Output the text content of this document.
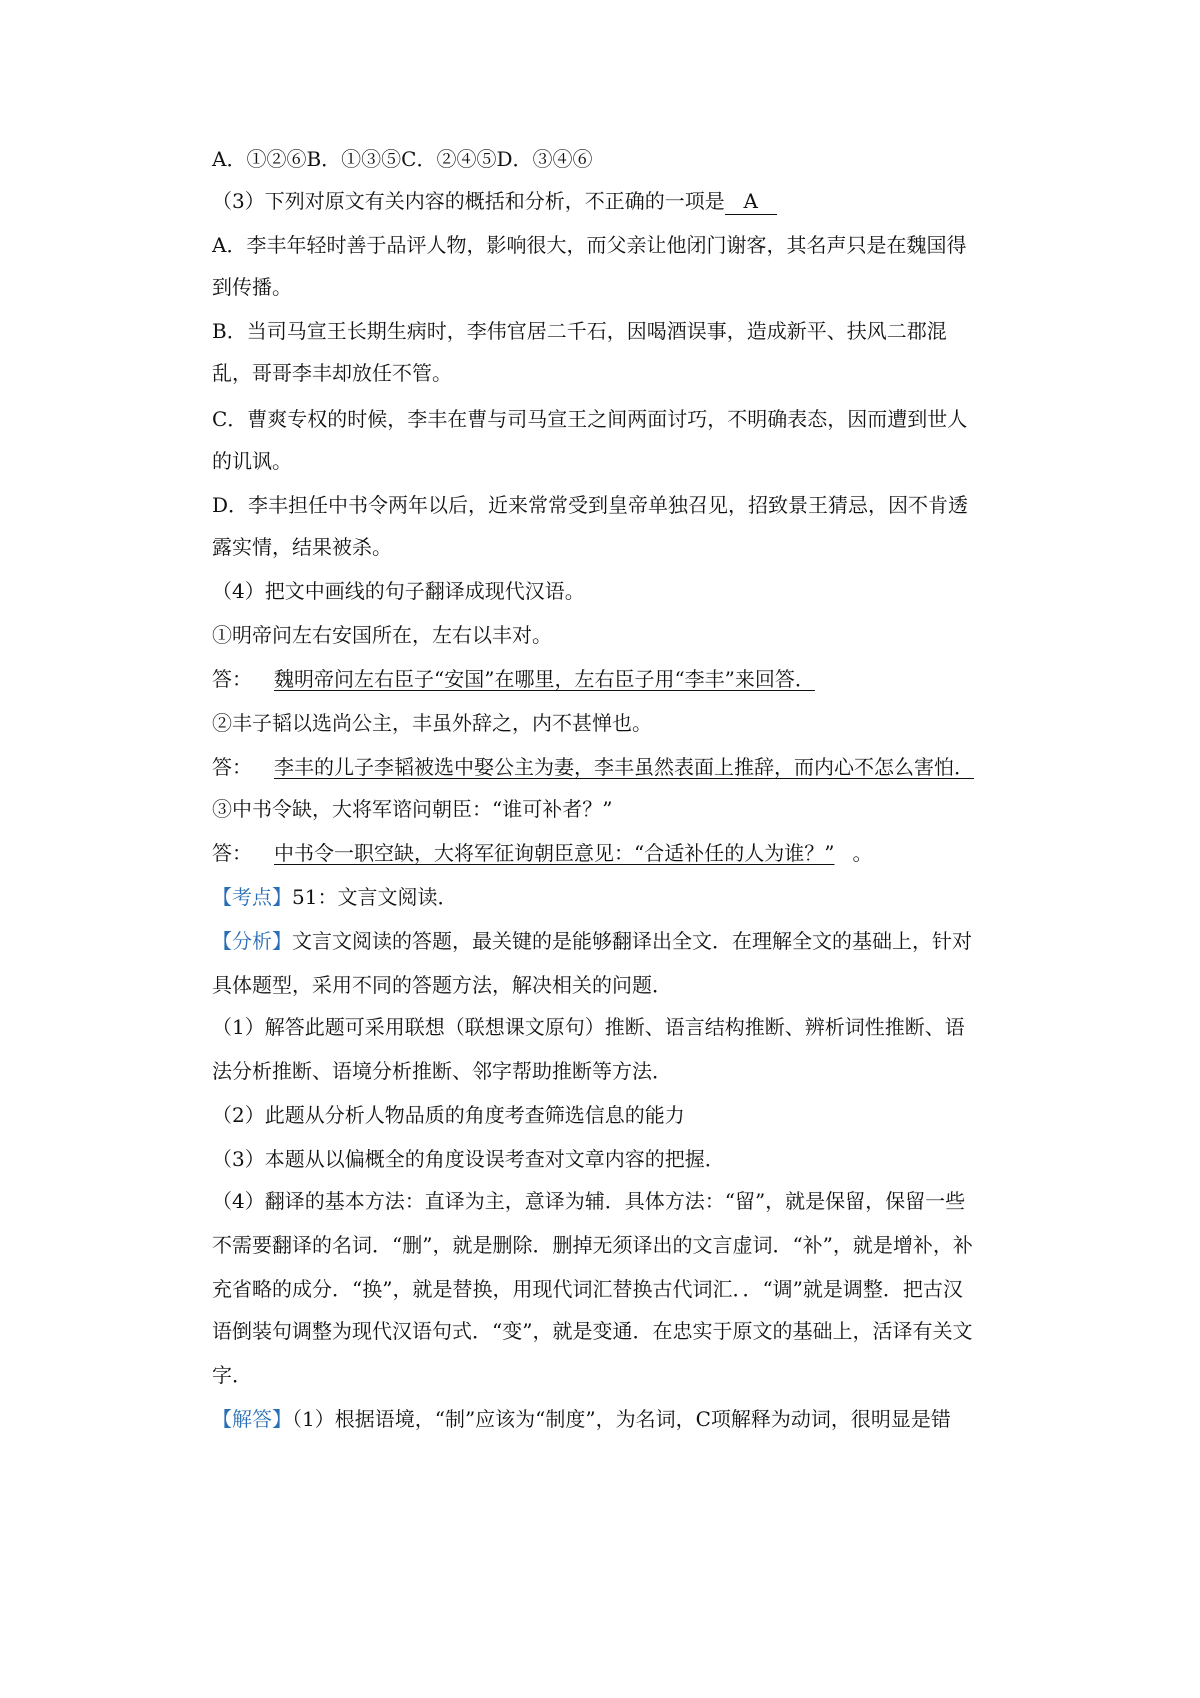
A．①②⑥B．①③⑤C．②④⑤D．③④⑥
（3）下列对原文有关内容的概括和分析，不正确的一项是 A
A．李丰年轻时善于品评人物，影响很大，而父亲让他闭门谢客，其名声只是在魏国得
到传播。
B．当司马宣王长期生病时，李伟官居二千石，因喝酒误事，造成新平、扶风二郡混
乱，哥哥李丰却放任不管。
C．曹爽专权的时候，李丰在曹与司马宣王之间两面讨巧，不明确表态，因而遭到世人
的讥讽。
D．李丰担任中书令两年以后，近来常常受到皇帝单独召见，招致景王猜忌，因不肯透
露实情，结果被杀。
（4）把文中画线的句子翻译成现代汉语。
①明帝问左右安国所在，左右以丰对。
答： 魏明帝问左右臣子“安国”在哪里，左右臣子用“李丰”来回答．
②丰子韬以选尚公主，丰虽外辞之，内不甚惮也。
答： 李丰的儿子李韬被选中娶公主为妻，李丰虽然表面上推辞，而内心不怎么害怕．
③中书令缺，大将军谘问朝臣：“谁可补者？”
答： 中书令一职空缺，大将军征询朝臣意见：“合适补任的人为谁？” 。
【考点】51：文言文阅读．
【分析】文言文阅读的答题，最关键的是能够翻译出全文．在理解全文的基础上，针对
具体题型，采用不同的答题方法，解决相关的问题．
（1）解答此题可采用联想（联想课文原句）推断、语言结构推断、辨析词性推断、语
法分析推断、语境分析推断、邻字帮助推断等方法．
（2）此题从分析人物品质的角度考查筛选信息的能力
（3）本题从以偏概全的角度设误考查对文章内容的把握．
（4）翻译的基本方法：直译为主，意译为辅．具体方法：“留”，就是保留，保留一些
不需要翻译的名词．“删”，就是删除．删掉无须译出的文言虚词．“补”，就是增补，补
充省略的成分．“换”，就是替换，用现代词汇替换古代词汇．．“调”就是调整．把古汉
语倒装句调整为现代汉语句式．“变”，就是变通．在忠实于原文的基础上，活译有关文
字．
【解答】（1）根据语境，“制”应该为“制度”，为名词，C项解释为动词，很明显是错
